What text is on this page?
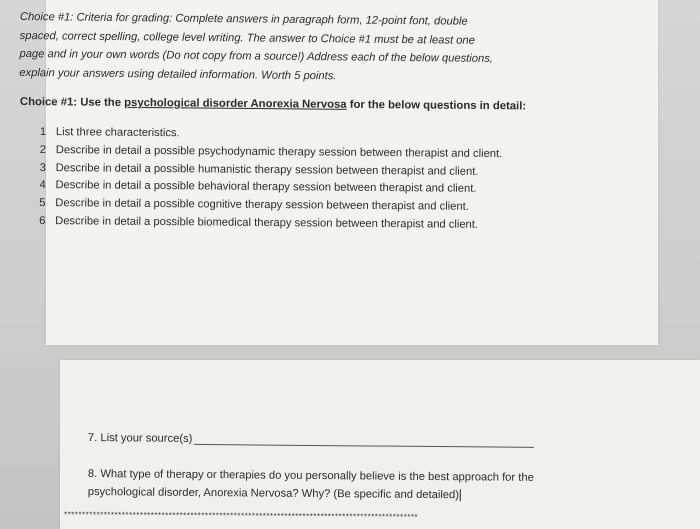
Choice #1: Criteria for grading: Complete answers in paragraph form, 12-point font, double
spaced, correct spelling, college level writing. The answer to Choice #1 must be at least one
page and in your own words (Do not copy from a source!) Address each of the below questions,
explain your answers using detailed information. Worth 5 points.
Choice #1: Use the psychological disorder Anorexia Nervosa for the below questions in detail:
1 List three characteristics.
2 Describe in detail a possible psychodynamic therapy session between therapist and client.
3 Describe in detail a possible humanistic therapy session between therapist and client.
4 Describe in detail a possible behavioral therapy session between therapist and client.
5 Describe in detail a possible cognitive therapy session between therapist and client.
6 Describe in detail a possible biomedical therapy session between therapist and client.
7. List your source(s)
8. What type of therapy or therapies do you personally believe is the best approach for the
psychological disorder, Anorexia Nervosa? Why? (Be specific and detailed)
**************************************************************************************************
